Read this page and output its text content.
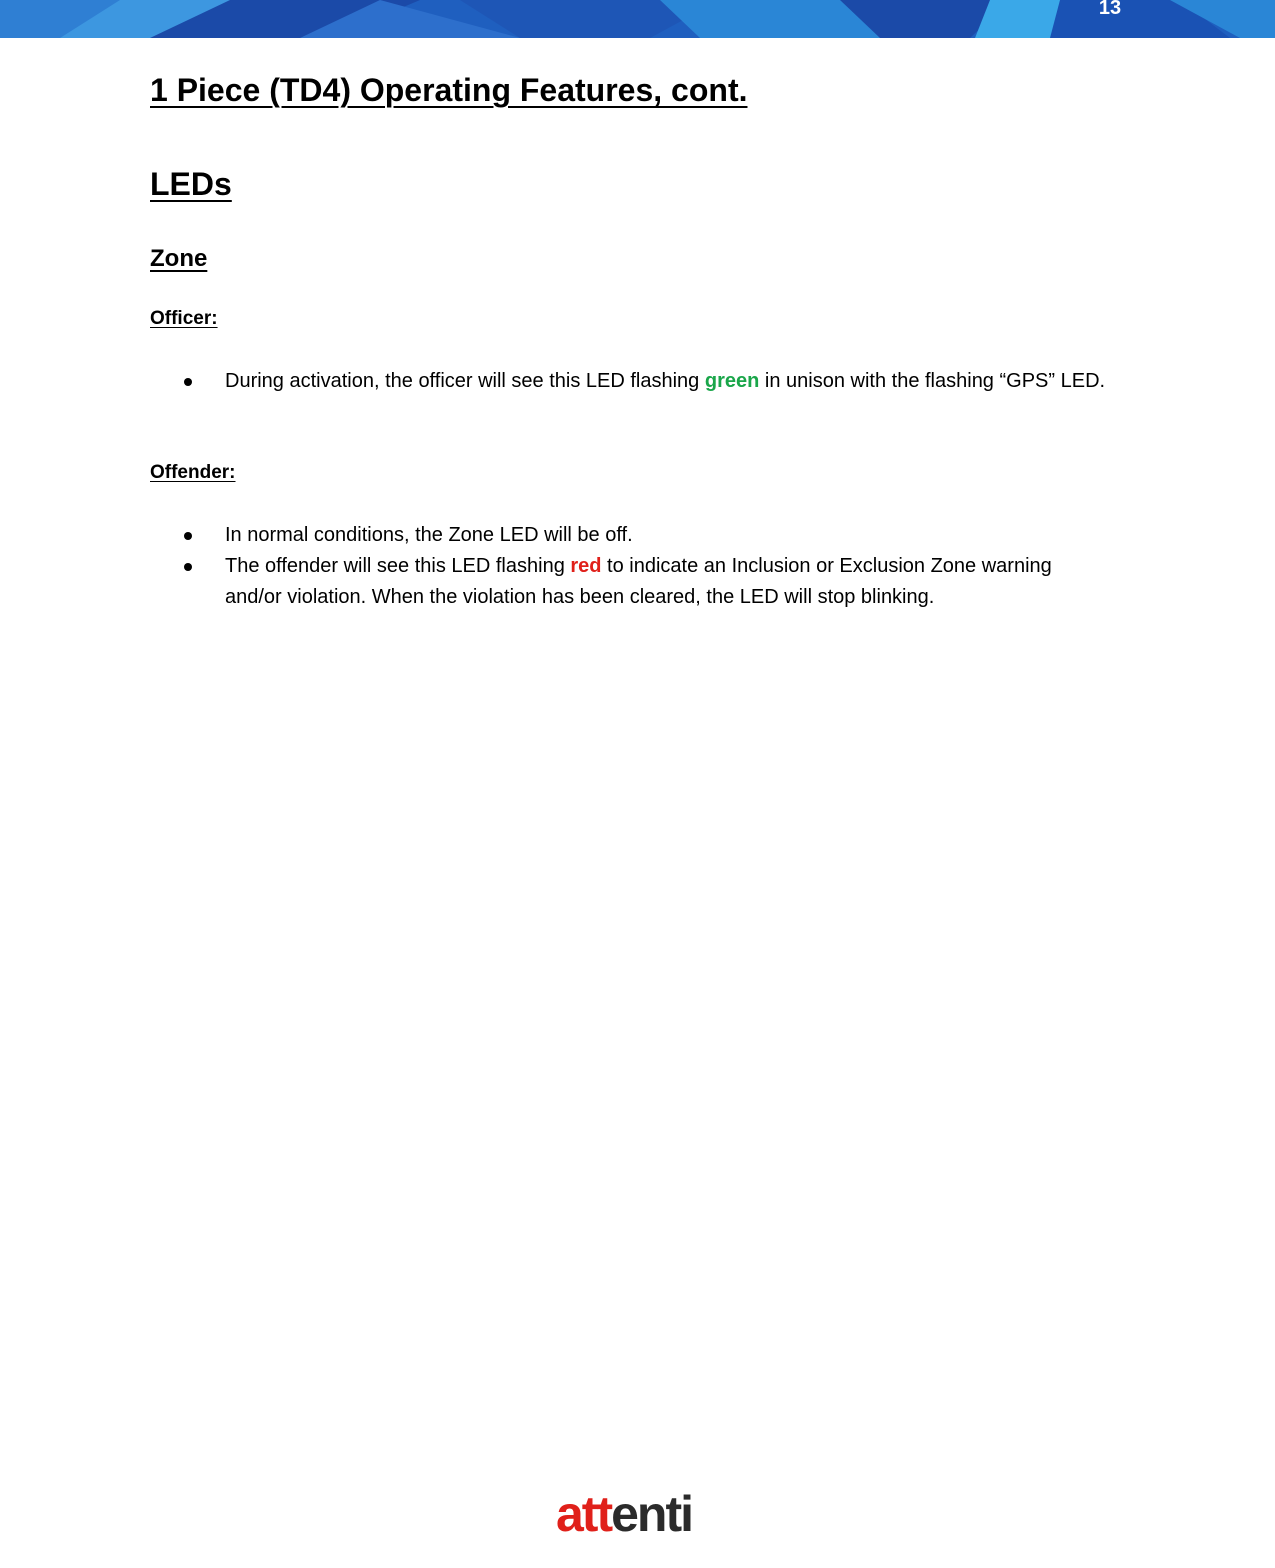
13
1 Piece (TD4) Operating Features, cont.
LEDs
Zone

Officer:

During activation, the officer will see this LED flashing green in unison with the flashing “GPS” LED.

Offender:

In normal conditions, the Zone LED will be off.
The offender will see this LED flashing red to indicate an Inclusion or Exclusion Zone warning and/or violation. When the violation has been cleared, the LED will stop blinking.
attenti
